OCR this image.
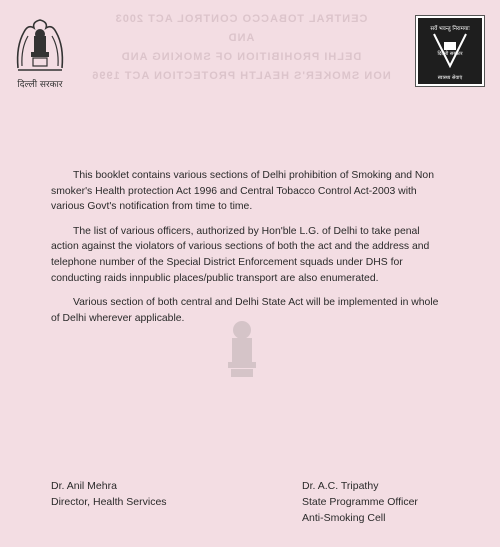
दिल्ली सरकार
CENTRAL TOBACCO CONTROL ACT 2003
AND
DELHI PROHIBITION OF SMOKING AND
NON SMOKER'S HEALTH PROTECTION ACT 1996
सर्वे भवन्तु निरामयाः
दिल्ली सरकार
स्वास्थ्य सेवाएं

This booklet contains various sections of Delhi prohibition of Smoking and Non smoker's Health protection Act 1996 and Central Tobacco Control Act-2003 with various Govt's notification from time to time.

The list of various officers, authorized by Hon'ble L.G. of Delhi to take penal action against the violators of various sections of both the act and the address and telephone number of the Special District Enforcement squads under DHS for conducting raids innpublic places/public transport are also enumerated.

Various section of both central and Delhi State Act will be implemented in whole of Delhi wherever applicable.

Dr. Anil Mehra
Director, Health Services
Dr. A.C. Tripathy
State Programme Officer
Anti-Smoking Cell
